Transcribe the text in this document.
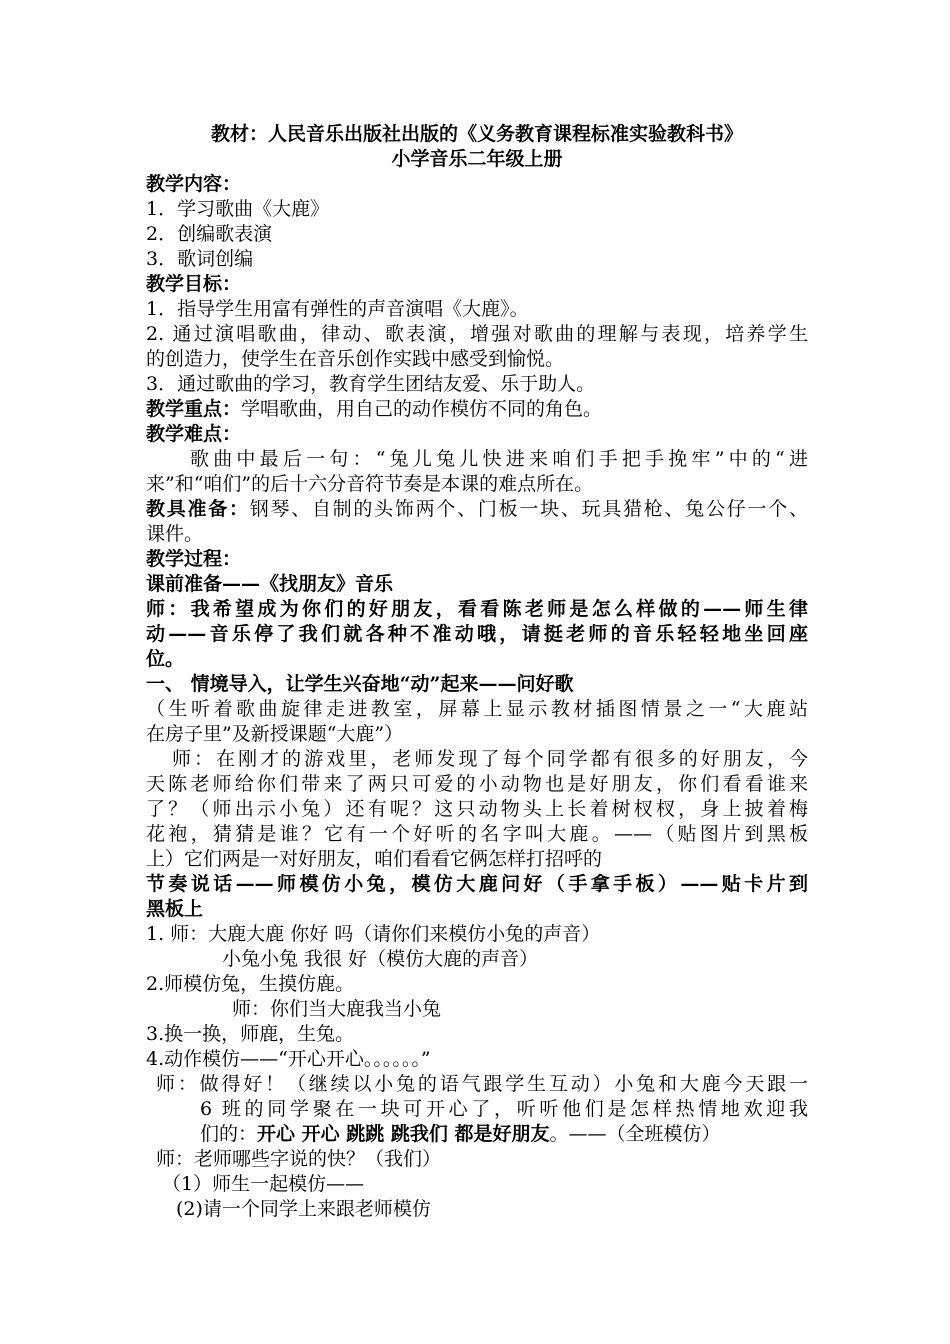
教材：人民音乐出版社出版的《义务教育课程标准实验教科书》
小学音乐二年级上册
教学内容：
1．学习歌曲《大鹿》
2．创编歌表演
3．歌词创编
教学目标：
1．指导学生用富有弹性的声音演唱《大鹿》。
2. 通过演唱歌曲，律动、歌表演，增强对歌曲的理解与表现，培养学生
的创造力，使学生在音乐创作实践中感受到愉悦。
3．通过歌曲的学习，教育学生团结友爱、乐于助人。
教学重点：学唱歌曲，用自己的动作模仿不同的角色。
教学难点：
歌曲中最后一句：“兔儿兔儿快进来咱们手把手挽牢”中的“进
来”和“咱们”的后十六分音符节奏是本课的难点所在。
教具准备：钢琴、自制的头饰两个、门板一块、玩具猎枪、兔公仔一个、
课件。
教学过程：
课前准备——《找朋友》音乐
师：我希望成为你们的好朋友，看看陈老师是怎么样做的——师生律
动——音乐停了我们就各种不准动哦，请挺老师的音乐轻轻地坐回座
位。
一、 情境导入，让学生兴奋地“动”起来——问好歌
（生听着歌曲旋律走进教室，屏幕上显示教材插图情景之一“大鹿站
在房子里”及新授课题“大鹿”）
师：在刚才的游戏里，老师发现了每个同学都有很多的好朋友，今
天陈老师给你们带来了两只可爱的小动物也是好朋友，你们看看谁来
了？（师出示小兔）还有呢？这只动物头上长着树杈杈，身上披着梅
花袍，猜猜是谁？它有一个好听的名字叫大鹿。——（贴图片到黑板
上）它们两是一对好朋友，咱们看看它俩怎样打招呼的
节奏说话——师模仿小兔，模仿大鹿问好（手拿手板）——贴卡片到
黑板上
1. 师：大鹿大鹿 你好 吗（请你们来模仿小兔的声音）
小兔小兔 我很 好（模仿大鹿的声音）
2.师模仿兔，生摸仿鹿。
师：你们当大鹿我当小兔
3.换一换，师鹿，生兔。
4.动作模仿——“开心开心。。。。。。”
师：做得好！（继续以小兔的语气跟学生互动）小兔和大鹿今天跟一
6 班的同学聚在一块可开心了，听听他们是怎样热情地欢迎我
们的：开心 开心 跳跳 跳我们 都是好朋友。——（全班模仿）
师：老师哪些字说的快？（我们）
（1）师生一起模仿——
(2)请一个同学上来跟老师模仿
